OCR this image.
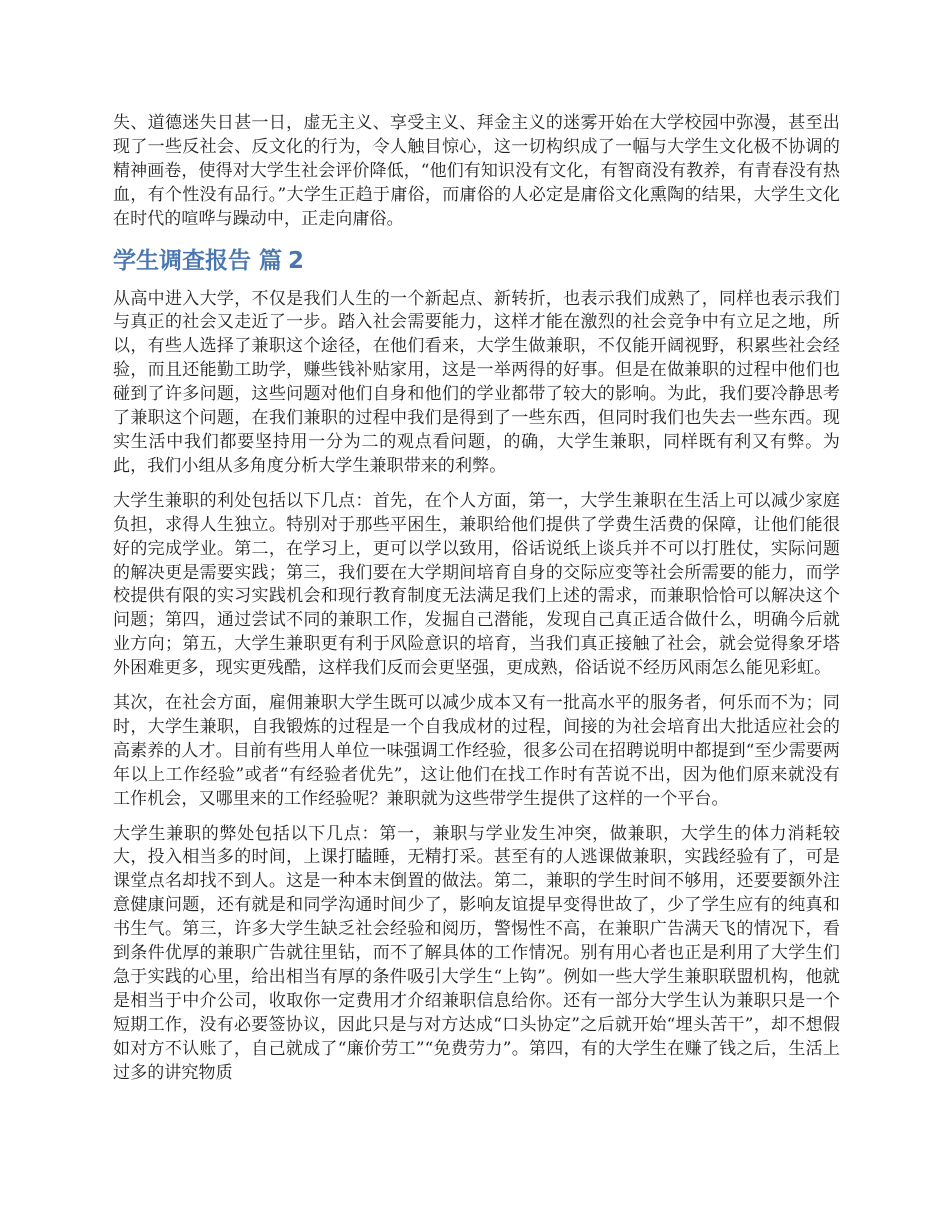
失、道德迷失日甚一日，虚无主义、享受主义、拜金主义的迷雾开始在大学校园中弥漫，甚至出现了一些反社会、反文化的行为，令人触目惊心，这一切构织成了一幅与大学生文化极不协调的精神画卷，使得对大学生社会评价降低，“他们有知识没有文化，有智商没有教养，有青春没有热血，有个性没有品行。”大学生正趋于庸俗，而庸俗的人必定是庸俗文化熏陶的结果，大学生文化在时代的喧哗与躁动中，正走向庸俗。

学生调查报告 篇 2

从高中进入大学，不仅是我们人生的一个新起点、新转折，也表示我们成熟了，同样也表示我们与真正的社会又走近了一步。踏入社会需要能力，这样才能在激烈的社会竞争中有立足之地，所以，有些人选择了兼职这个途径，在他们看来，大学生做兼职，不仅能开阔视野，积累些社会经验，而且还能勤工助学，赚些钱补贴家用，这是一举两得的好事。但是在做兼职的过程中他们也碰到了许多问题，这些问题对他们自身和他们的学业都带了较大的影响。为此，我们要冷静思考了兼职这个问题，在我们兼职的过程中我们是得到了一些东西，但同时我们也失去一些东西。现实生活中我们都要坚持用一分为二的观点看问题，的确，大学生兼职，同样既有利又有弊。为此，我们小组从多角度分析大学生兼职带来的利弊。

大学生兼职的利处包括以下几点：首先，在个人方面，第一，大学生兼职在生活上可以减少家庭负担，求得人生独立。特别对于那些平困生，兼职给他们提供了学费生活费的保障，让他们能很好的完成学业。第二，在学习上，更可以学以致用，俗话说纸上谈兵并不可以打胜仗，实际问题的解决更是需要实践；第三，我们要在大学期间培育自身的交际应变等社会所需要的能力，而学校提供有限的实习实践机会和现行教育制度无法满足我们上述的需求，而兼职恰恰可以解决这个问题；第四，通过尝试不同的兼职工作，发掘自己潜能，发现自己真正适合做什么，明确今后就业方向；第五，大学生兼职更有利于风险意识的培育，当我们真正接触了社会，就会觉得象牙塔外困难更多，现实更残酷，这样我们反而会更坚强，更成熟，俗话说不经历风雨怎么能见彩虹。

其次，在社会方面，雇佣兼职大学生既可以减少成本又有一批高水平的服务者，何乐而不为；同时，大学生兼职，自我锻炼的过程是一个自我成材的过程，间接的为社会培育出大批适应社会的高素养的人才。目前有些用人单位一味强调工作经验，很多公司在招聘说明中都提到“至少需要两年以上工作经验”或者“有经验者优先”，这让他们在找工作时有苦说不出，因为他们原来就没有工作机会，又哪里来的工作经验呢？兼职就为这些带学生提供了这样的一个平台。

大学生兼职的弊处包括以下几点：第一，兼职与学业发生冲突，做兼职，大学生的体力消耗较大，投入相当多的时间，上课打瞌睡，无精打采。甚至有的人逃课做兼职，实践经验有了，可是课堂点名却找不到人。这是一种本末倒置的做法。第二，兼职的学生时间不够用，还要要额外注意健康问题，还有就是和同学沟通时间少了，影响友谊提早变得世故了，少了学生应有的纯真和书生气。第三，许多大学生缺乏社会经验和阅历，警惕性不高，在兼职广告满天飞的情况下，看到条件优厚的兼职广告就往里钻，而不了解具体的工作情况。别有用心者也正是利用了大学生们急于实践的心里，给出相当有厚的条件吸引大学生“上钩”。例如一些大学生兼职联盟机构，他就是相当于中介公司，收取你一定费用才介绍兼职信息给你。还有一部分大学生认为兼职只是一个短期工作，没有必要签协议，因此只是与对方达成“口头协定”之后就开始“埋头苦干”，却不想假如对方不认账了，自己就成了“廉价劳工”“免费劳力”。第四，有的大学生在赚了钱之后，生活上过多的讲究物质
